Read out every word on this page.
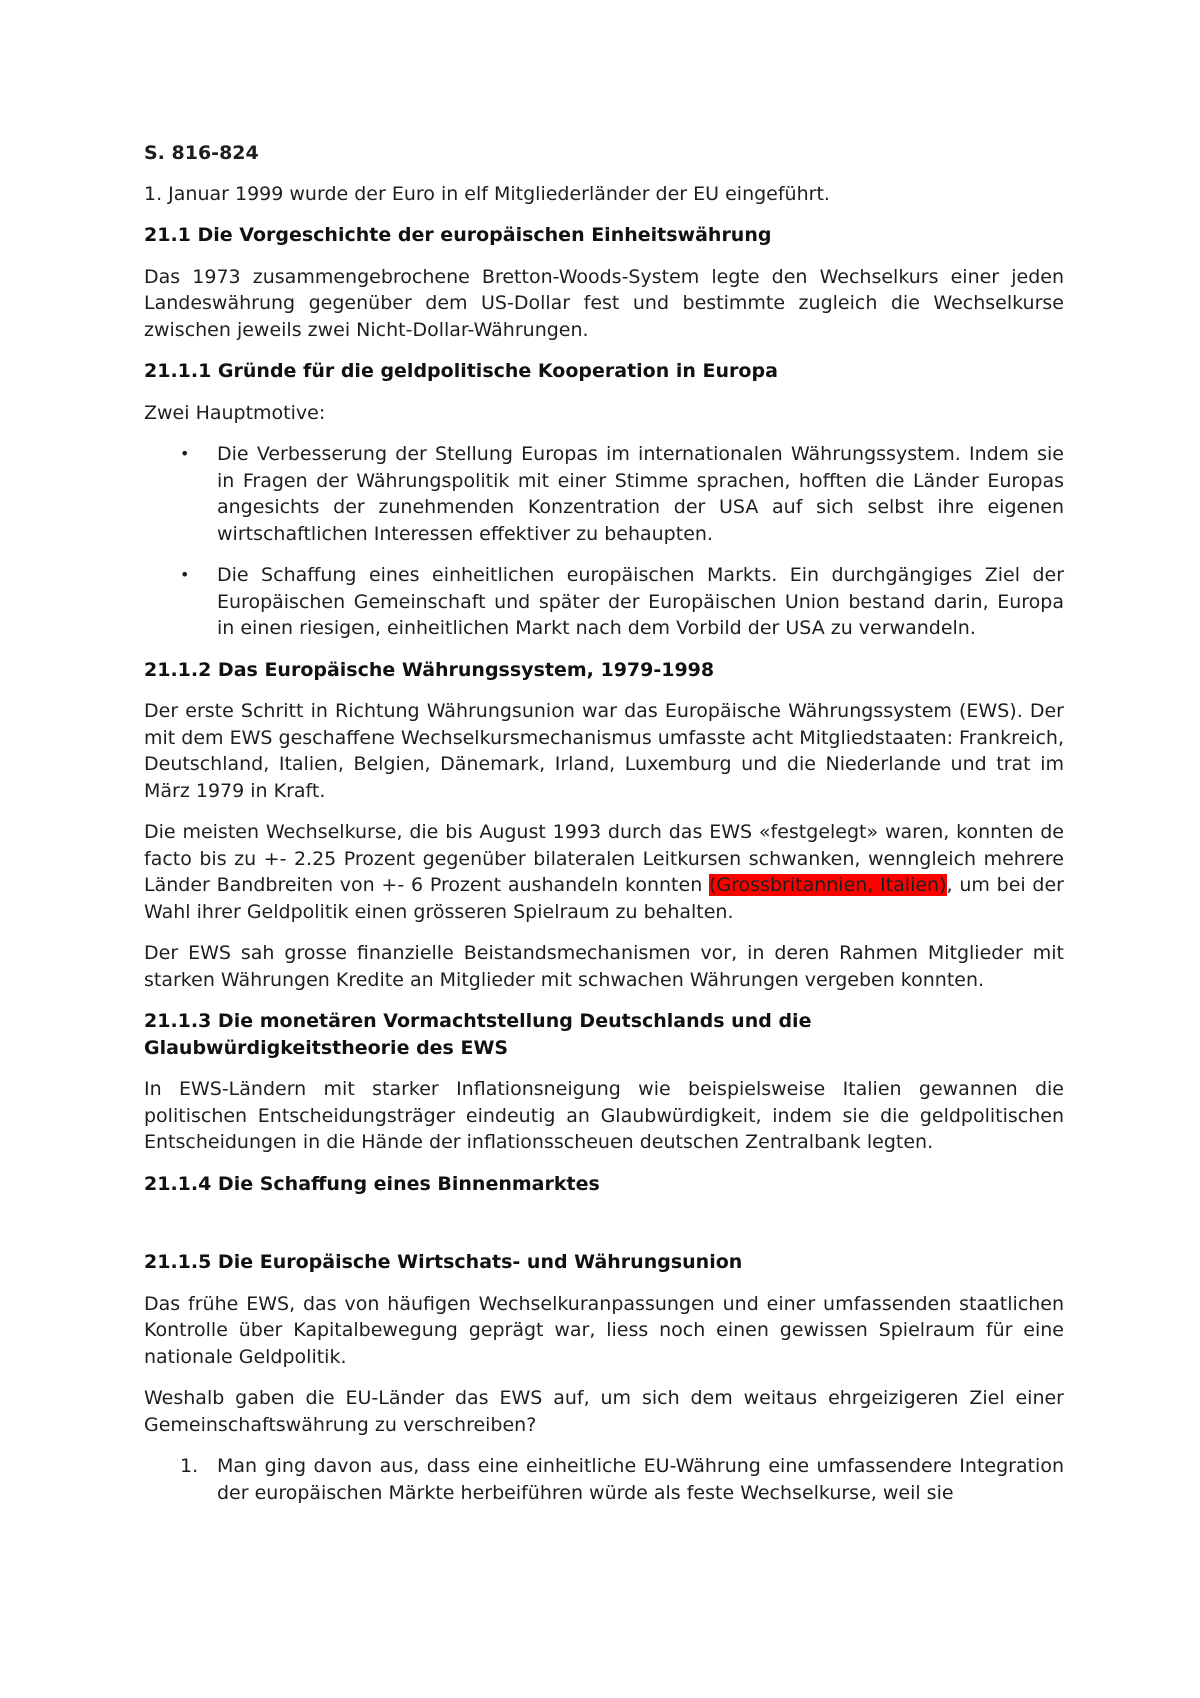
S. 816-824

1. Januar 1999 wurde der Euro in elf Mitgliederländer der EU eingeführt.

21.1 Die Vorgeschichte der europäischen Einheitswährung

Das 1973 zusammengebrochene Bretton-Woods-System legte den Wechselkurs einer jeden Landeswährung gegenüber dem US-Dollar fest und bestimmte zugleich die Wechselkurse zwischen jeweils zwei Nicht-Dollar-Währungen.

21.1.1 Gründe für die geldpolitische Kooperation in Europa

Zwei Hauptmotive:

• Die Verbesserung der Stellung Europas im internationalen Währungssystem. Indem sie in Fragen der Währungspolitik mit einer Stimme sprachen, hofften die Länder Europas angesichts der zunehmenden Konzentration der USA auf sich selbst ihre eigenen wirtschaftlichen Interessen effektiver zu behaupten.
• Die Schaffung eines einheitlichen europäischen Markts. Ein durchgängiges Ziel der Europäischen Gemeinschaft und später der Europäischen Union bestand darin, Europa in einen riesigen, einheitlichen Markt nach dem Vorbild der USA zu verwandeln.
21.1.2 Das Europäische Währungssystem, 1979-1998

Der erste Schritt in Richtung Währungsunion war das Europäische Währungssystem (EWS). Der mit dem EWS geschaffene Wechselkursmechanismus umfasste acht Mitgliedstaaten: Frankreich, Deutschland, Italien, Belgien, Dänemark, Irland, Luxemburg und die Niederlande und trat im März 1979 in Kraft.

Die meisten Wechselkurse, die bis August 1993 durch das EWS «festgelegt» waren, konnten de facto bis zu +- 2.25 Prozent gegenüber bilateralen Leitkursen schwanken, wenngleich mehrere Länder Bandbreiten von +- 6 Prozent aushandeln konnten (Grossbritannien, Italien), um bei der Wahl ihrer Geldpolitik einen grösseren Spielraum zu behalten.

Der EWS sah grosse finanzielle Beistandsmechanismen vor, in deren Rahmen Mitglieder mit starken Währungen Kredite an Mitglieder mit schwachen Währungen vergeben konnten.

21.1.3 Die monetären Vormachtstellung Deutschlands und die Glaubwürdigkeitstheorie des EWS

In EWS-Ländern mit starker Inflationsneigung wie beispielsweise Italien gewannen die politischen Entscheidungsträger eindeutig an Glaubwürdigkeit, indem sie die geldpolitischen Entscheidungen in die Hände der inflationsscheuen deutschen Zentralbank legten.

21.1.4 Die Schaffung eines Binnenmarktes
21.1.5 Die Europäische Wirtschats- und Währungsunion

Das frühe EWS, das von häufigen Wechselkuranpassungen und einer umfassenden staatlichen Kontrolle über Kapitalbewegung geprägt war, liess noch einen gewissen Spielraum für eine nationale Geldpolitik.

Weshalb gaben die EU-Länder das EWS auf, um sich dem weitaus ehrgeizigeren Ziel einer Gemeinschaftswährung zu verschreiben?

1. Man ging davon aus, dass eine einheitliche EU-Währung eine umfassendere Integration der europäischen Märkte herbeiführen würde als feste Wechselkurse, weil sie
